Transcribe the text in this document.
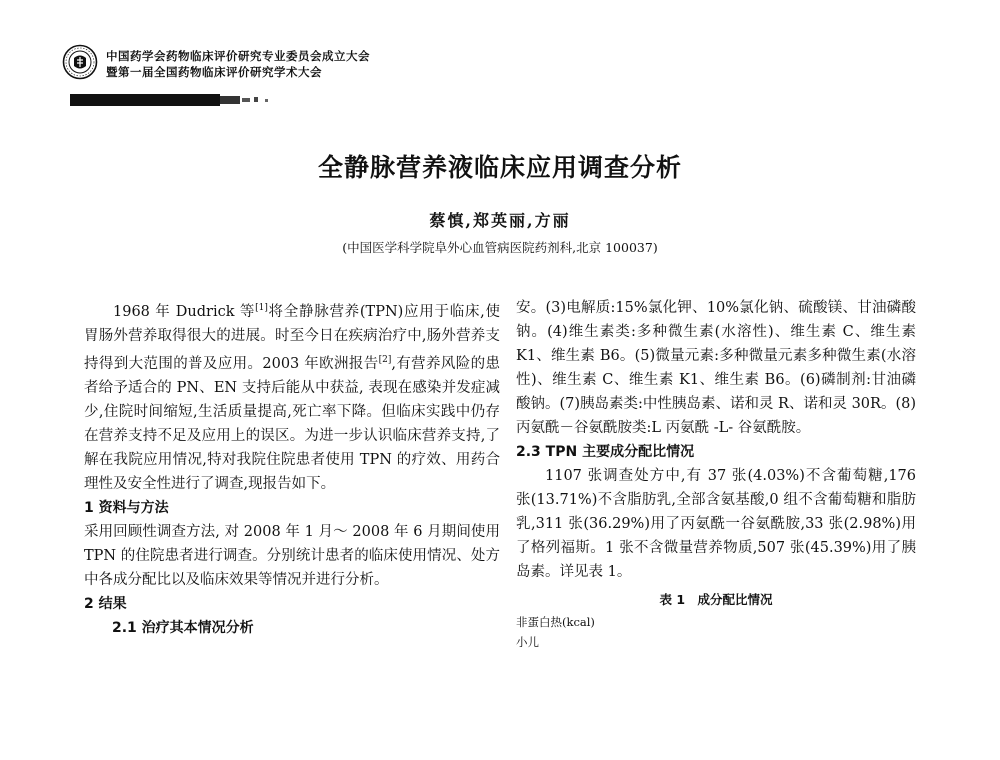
中国药学会药物临床评价研究专业委员会成立大会
暨第一届全国药物临床评价研究学术大会
全静脉营养液临床应用调查分析
蔡慎,郑英丽,方丽
(中国医学科学院阜外心血管病医院药剂科,北京 100037)

1968 年 Dudrick 等[1]将全静脉营养(TPN)应用于临床,使胃肠外营养取得很大的进展。时至今日在疾病治疗中,肠外营养支持得到大范围的普及应用。2003 年欧洲报告[2],有营养风险的患者给予适合的 PN、EN 支持后能从中获益, 表现在感染并发症减少,住院时间缩短,生活质量提高,死亡率下降。但临床实践中仍存在营养支持不足及应用上的误区。为进一步认识临床营养支持,了解在我院应用情况,特对我院住院患者使用 TPN 的疗效、用药合理性及安全性进行了调查,现报告如下。

1 资料与方法

采用回顾性调查方法, 对 2008 年 1 月～ 2008 年 6 月期间使用 TPN 的住院患者进行调查。分别统计患者的临床使用情况、处方中各成分配比以及临床效果等情况并进行分析。

2 结果

2.1 治疗其本情况分析

安。(3)电解质:15%氯化钾、10%氯化钠、硫酸镁、甘油磷酸钠。(4)维生素类:多种微生素(水溶性)、维生素 C、维生素 K1、维生素 B6。(5)微量元素:多种微量元素多种微生素(水溶性)、维生素 C、维生素 K1、维生素 B6。(6)磷制剂:甘油磷酸钠。(7)胰岛素类:中性胰岛素、诺和灵 R、诺和灵 30R。(8) 丙氨酰－谷氨酰胺类:L 丙氨酰 -L- 谷氨酰胺。

2.3 TPN 主要成分配比情况

1107 张调查处方中,有 37 张(4.03%)不含葡萄糖,176 张(13.71%)不含脂肪乳,全部含氨基酸,0 组不含葡萄糖和脂肪乳,311 张(36.29%)用了丙氨酰一谷氨酰胺,33 张(2.98%)用了格列福斯。1 张不含微量营养物质,507 张(45.39%)用了胰岛素。详见表 1。

表 1　成分配比情况
非蛋白热(kcal)
小儿
